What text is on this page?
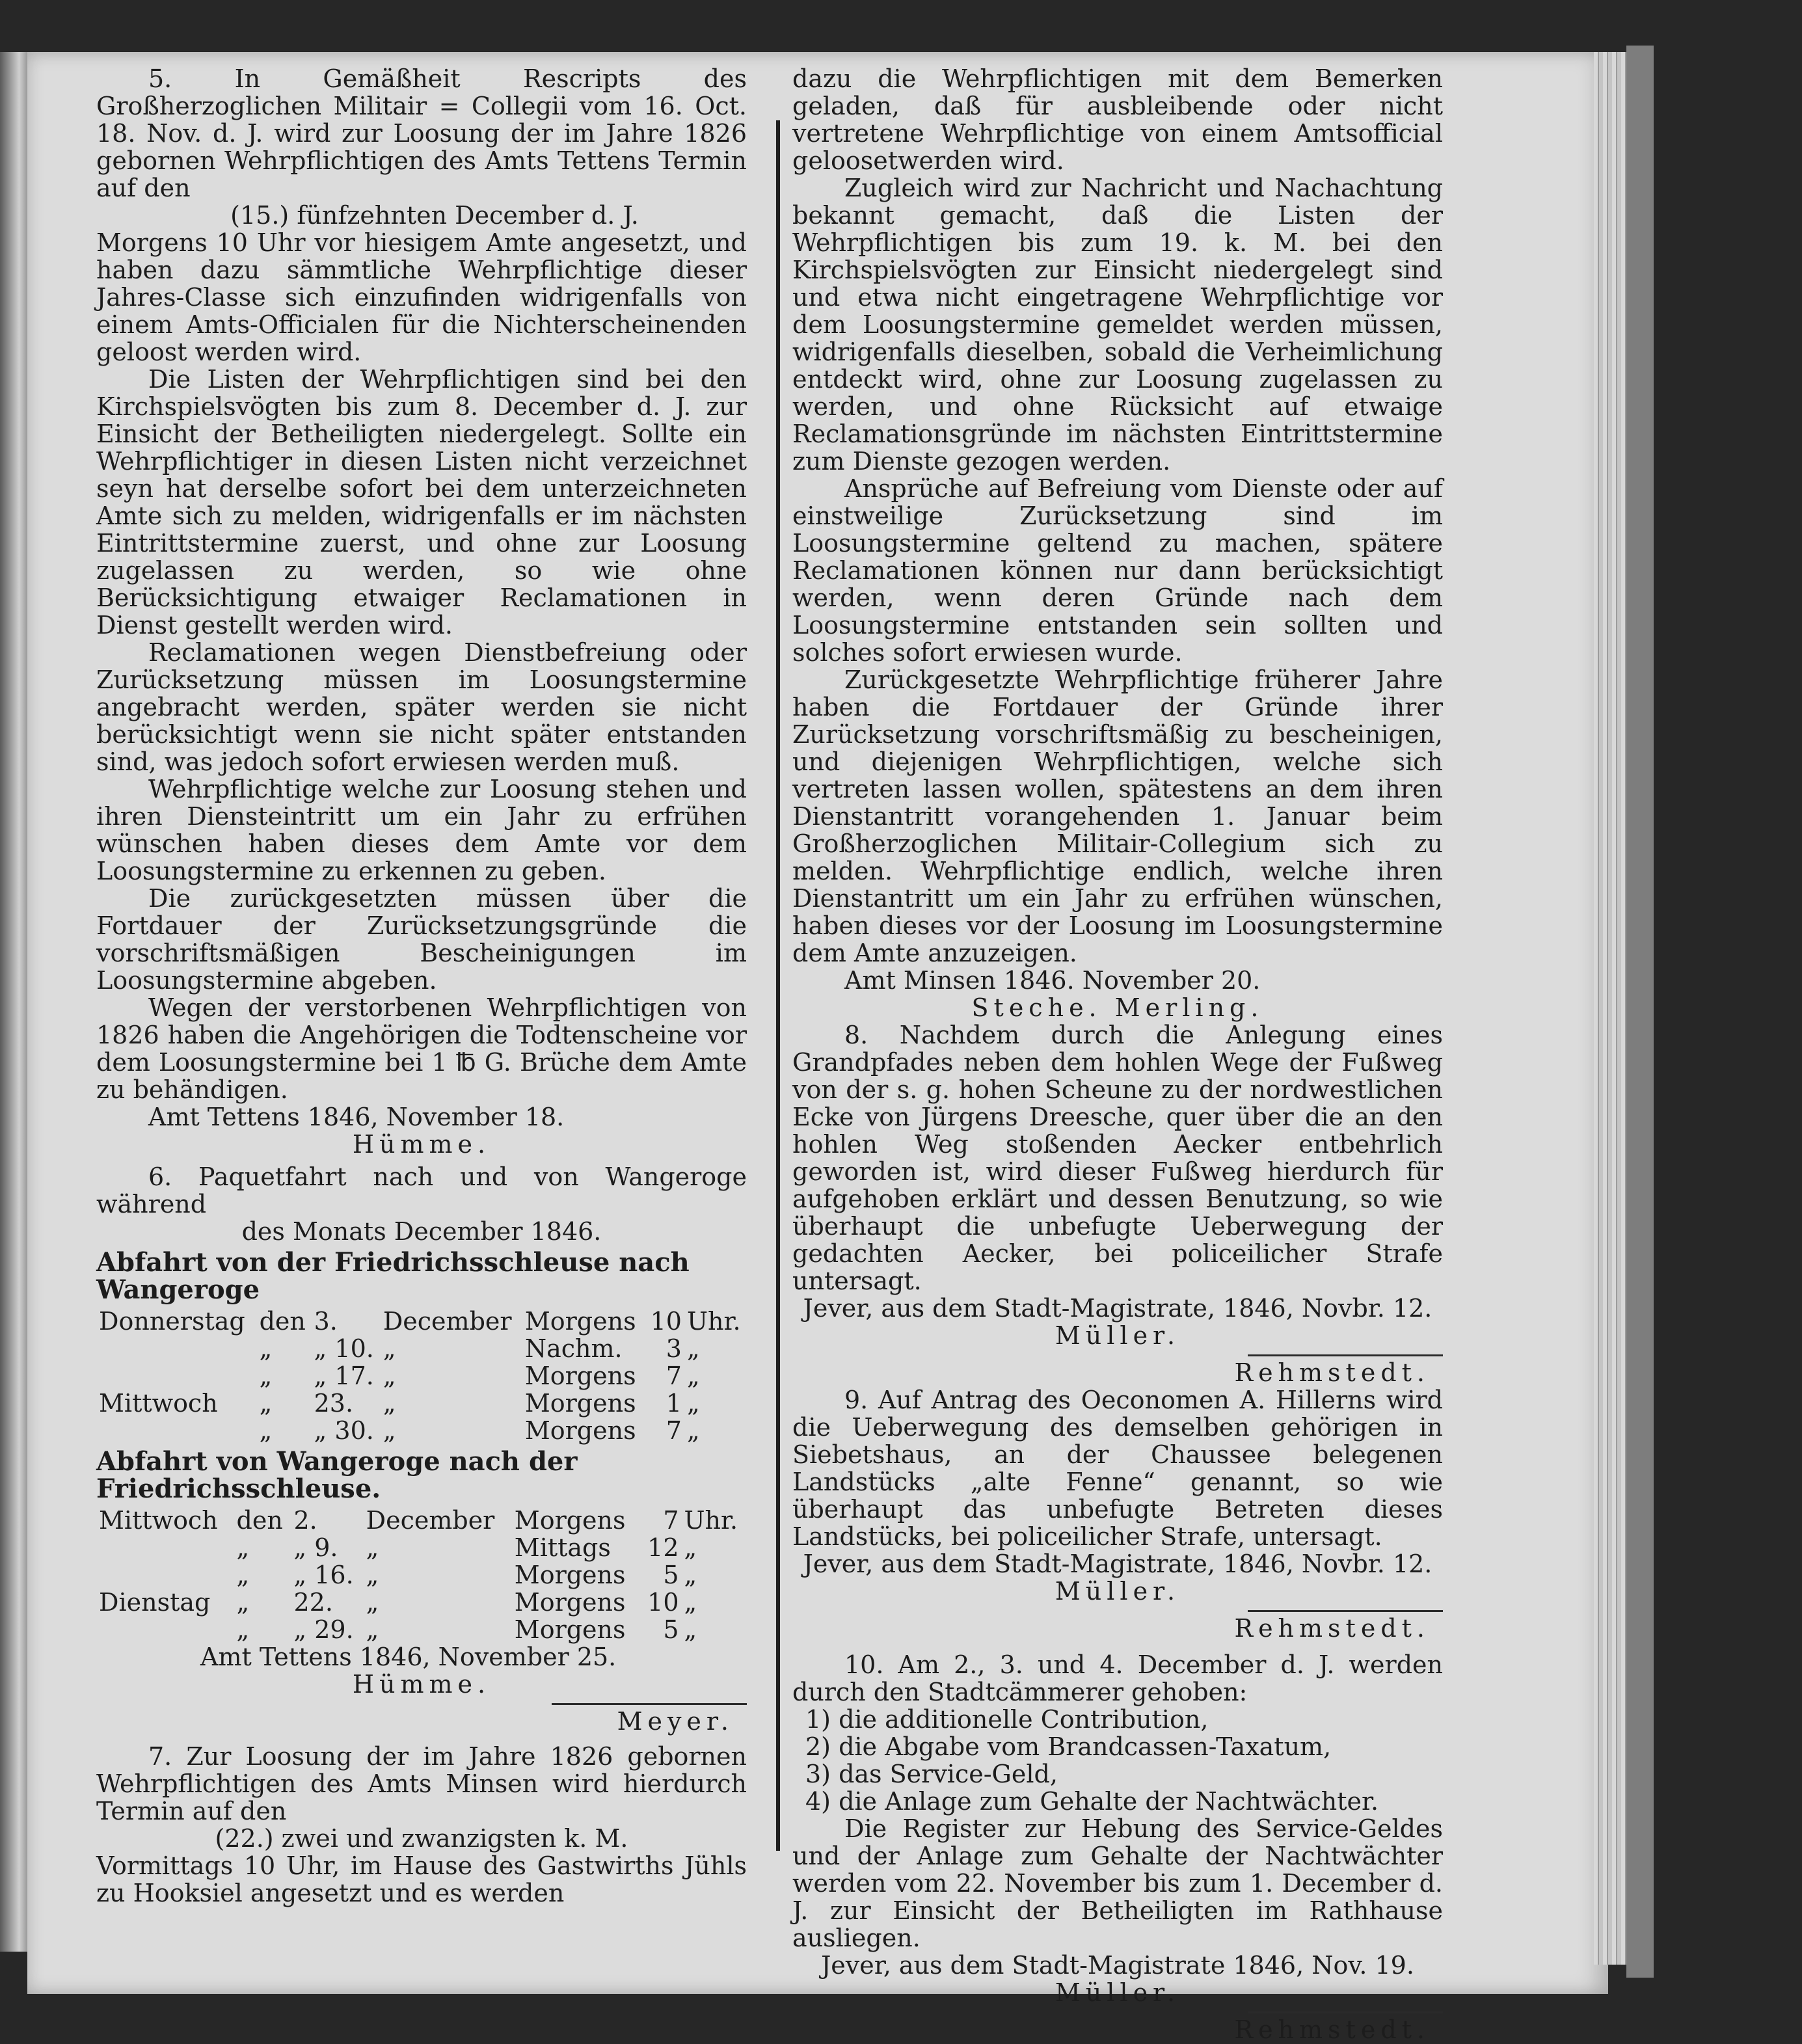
5. In Gemäßheit Rescripts des Großherzoglichen Militair = Collegii vom 16. Oct. 18. Nov. d. J. wird zur Loosung der im Jahre 1826 gebornen Wehrpflichtigen des Amts Tettens Termin auf den

(15.) fünfzehnten December d. J.

Morgens 10 Uhr vor hiesigem Amte angesetzt, und haben dazu sämmtliche Wehrpflichtige dieser Jahres-Classe sich einzufinden widrigenfalls von einem Amts-Officialen für die Nichterscheinenden geloost werden wird.

Die Listen der Wehrpflichtigen sind bei den Kirchspielsvögten bis zum 8. December d. J. zur Einsicht der Betheiligten niedergelegt. Sollte ein Wehrpflichtiger in diesen Listen nicht verzeichnet seyn hat derselbe sofort bei dem unterzeichneten Amte sich zu melden, widrigenfalls er im nächsten Eintrittstermine zuerst, und ohne zur Loosung zugelassen zu werden, so wie ohne Berücksichtigung etwaiger Reclamationen in Dienst gestellt werden wird.

Reclamationen wegen Dienstbefreiung oder Zurücksetzung müssen im Loosungstermine angebracht werden, später werden sie nicht berücksichtigt wenn sie nicht später entstanden sind, was jedoch sofort erwiesen werden muß.

Wehrpflichtige welche zur Loosung stehen und ihren Diensteintritt um ein Jahr zu erfrühen wünschen haben dieses dem Amte vor dem Loosungstermine zu erkennen zu geben.

Die zurückgesetzten müssen über die Fortdauer der Zurücksetzungsgründe die vorschriftsmäßigen Bescheinigungen im Loosungstermine abgeben.

Wegen der verstorbenen Wehrpflichtigen von 1826 haben die Angehörigen die Todtenscheine vor dem Loosungstermine bei 1 ℔ G. Brüche dem Amte zu behändigen.

Amt Tettens 1846, November 18.

Hümme.

6. Paquetfahrt nach und von Wangeroge während

des Monats December 1846.

Abfahrt von der Friedrichsschleuse nach Wangeroge

Donnerstag	den	3.	December	Morgens	10	Uhr.
	„	„ 10.	„	Nachm.	3	„
	„	„ 17.	„	Morgens	7	„
Mittwoch	„	23.	„	Morgens	1	„
	„	„ 30.	„	Morgens	7	„

Abfahrt von Wangeroge nach der Friedrichsschleuse.

Mittwoch	den	2.	December	Morgens	7	Uhr.
	„	„ 9.	„	Mittags	12	„
	„	„ 16.	„	Morgens	5	„
Dienstag	„	22.	„	Morgens	10	„
	„	„ 29.	„	Morgens	5	„

Amt Tettens 1846, November 25.

Hümme.

Meyer.

7. Zur Loosung der im Jahre 1826 gebornen Wehrpflichtigen des Amts Minsen wird hierdurch Termin auf den

(22.) zwei und zwanzigsten k. M.

Vormittags 10 Uhr, im Hause des Gastwirths Jühls zu Hooksiel angesetzt und es werden

dazu die Wehrpflichtigen mit dem Bemerken geladen, daß für ausbleibende oder nicht vertretene Wehrpflichtige von einem Amtsofficial geloosetwerden wird.

Zugleich wird zur Nachricht und Nachachtung bekannt gemacht, daß die Listen der Wehrpflichtigen bis zum 19. k. M. bei den Kirchspielsvögten zur Einsicht niedergelegt sind und etwa nicht eingetragene Wehrpflichtige vor dem Loosungstermine gemeldet werden müssen, widrigenfalls dieselben, sobald die Verheimlichung entdeckt wird, ohne zur Loosung zugelassen zu werden, und ohne Rücksicht auf etwaige Reclamationsgründe im nächsten Eintrittstermine zum Dienste gezogen werden.

Ansprüche auf Befreiung vom Dienste oder auf einstweilige Zurücksetzung sind im Loosungstermine geltend zu machen, spätere Reclamationen können nur dann berücksichtigt werden, wenn deren Gründe nach dem Loosungstermine entstanden sein sollten und solches sofort erwiesen wurde.

Zurückgesetzte Wehrpflichtige früherer Jahre haben die Fortdauer der Gründe ihrer Zurücksetzung vorschriftsmäßig zu bescheinigen, und diejenigen Wehrpflichtigen, welche sich vertreten lassen wollen, spätestens an dem ihren Dienstantritt vorangehenden 1. Januar beim Großherzoglichen Militair-Collegium sich zu melden. Wehrpflichtige endlich, welche ihren Dienstantritt um ein Jahr zu erfrühen wünschen, haben dieses vor der Loosung im Loosungstermine dem Amte anzuzeigen.

Amt Minsen 1846. November 20.

Steche. Merling.

8. Nachdem durch die Anlegung eines Grandpfades neben dem hohlen Wege der Fußweg von der s. g. hohen Scheune zu der nordwestlichen Ecke von Jürgens Dreesche, quer über die an den hohlen Weg stoßenden Aecker entbehrlich geworden ist, wird dieser Fußweg hierdurch für aufgehoben erklärt und dessen Benutzung, so wie überhaupt die unbefugte Ueberwegung der gedachten Aecker, bei policeilicher Strafe untersagt.

Jever, aus dem Stadt-Magistrate, 1846, Novbr. 12.

Müller.

Rehmstedt.

9. Auf Antrag des Oeconomen A. Hillerns wird die Ueberwegung des demselben gehörigen in Siebetshaus, an der Chaussee belegenen Landstücks „alte Fenne“ genannt, so wie überhaupt das unbefugte Betreten dieses Landstücks, bei policeilicher Strafe, untersagt.

Jever, aus dem Stadt-Magistrate, 1846, Novbr. 12.

Müller.

Rehmstedt.

10. Am 2., 3. und 4. December d. J. werden durch den Stadtcämmerer gehoben:

1) die additionelle Contribution,

2) die Abgabe vom Brandcassen-Taxatum,

3) das Service-Geld,

4) die Anlage zum Gehalte der Nachtwächter.

Die Register zur Hebung des Service-Geldes und der Anlage zum Gehalte der Nachtwächter werden vom 22. November bis zum 1. December d. J. zur Einsicht der Betheiligten im Rathhause ausliegen.

Jever, aus dem Stadt-Magistrate 1846, Nov. 19.

Müller.

Rehmstedt.
